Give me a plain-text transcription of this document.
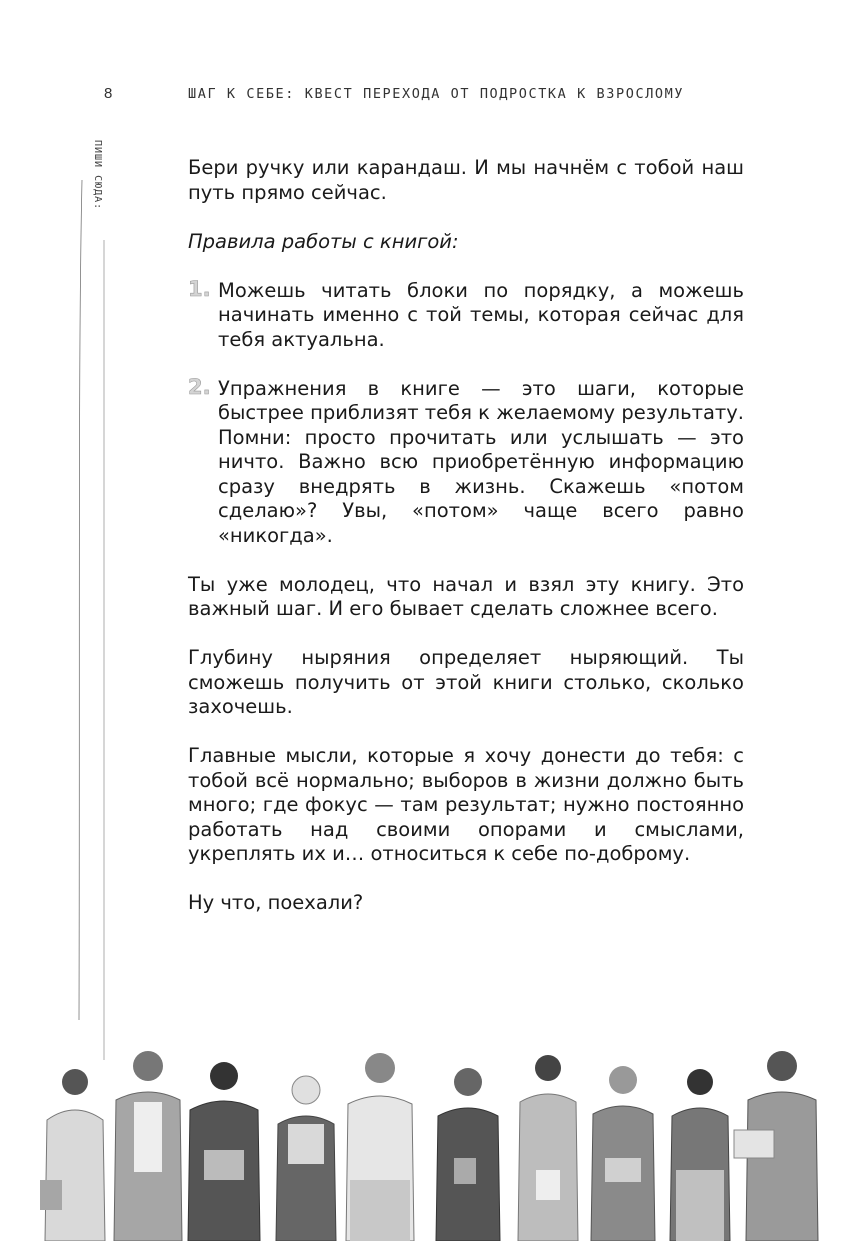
8	ШАГ К СЕБЕ: КВЕСТ ПЕРЕХОДА ОТ ПОДРОСТКА К ВЗРОСЛОМУ
ПИШИ СЮДА:	Бери ручку или карандаш. И мы начнём с тобой наш путь прямо сейчас.

Правила работы с книгой:

1. Можешь читать блоки по порядку, а можешь начинать именно с той темы, которая сейчас для тебя актуальна.
2. Упражнения в книге — это шаги, которые быстрее приблизят тебя к желаемому результату. Помни: просто прочитать или услышать — это ничто. Важно всю приобретённую информацию сразу внедрять в жизнь. Скажешь «потом сделаю»? Увы, «потом» чаще всего равно «никогда».

Ты уже молодец, что начал и взял эту книгу. Это важный шаг. И его бывает сделать сложнее всего.

Глубину ныряния определяет ныряющий. Ты сможешь получить от этой книги столько, сколько захочешь.

Главные мысли, которые я хочу донести до тебя: с тобой всё нормально; выборов в жизни должно быть много; где фокус — там результат; нужно постоянно работать над своими опорами и смыслами, укреплять их и… относиться к себе по-доброму.

Ну что, поехали?
